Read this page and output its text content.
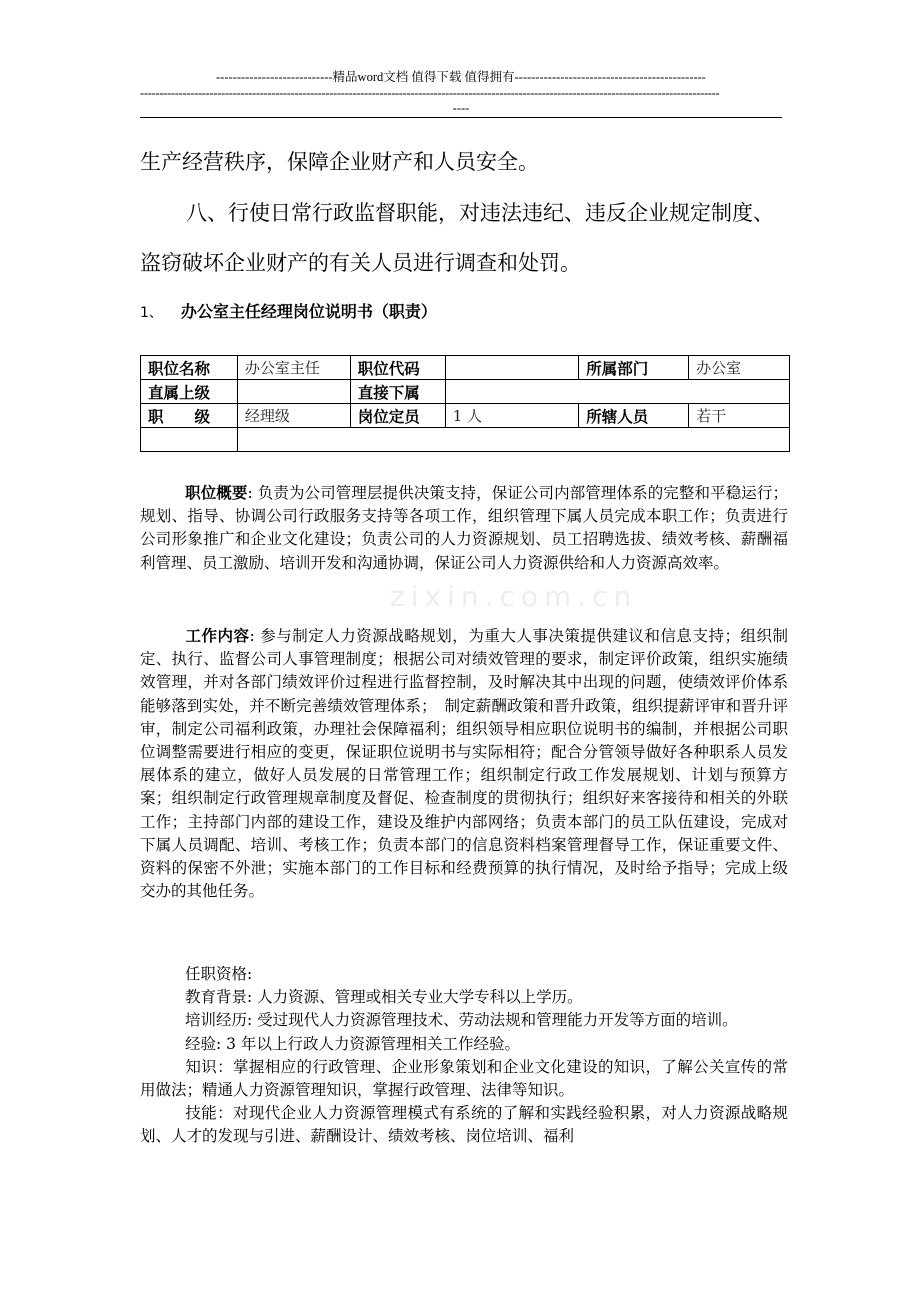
----------------------------精品word文档 值得下载 值得拥有----------------------------------------------
------------------------------------------------------------------------------------------------------------------------------------------------------
----
生产经营秩序，保障企业财产和人员安全。
八、行使日常行政监督职能，对违法违纪、违反企业规定制度、
盗窃破坏企业财产的有关人员进行调查和处罚。
1、 办公室主任经理岗位说明书（职责）
职位名称	办公室主任	职位代码		所属部门	办公室
直属上级		直接下属			
职　　级	经理级	岗位定员	1 人	所辖人员	若干

zixin.com.cn
职位概要: 负责为公司管理层提供决策支持，保证公司内部管理体系的完整和平稳运行；规划、指导、协调公司行政服务支持等各项工作，组织管理下属人员完成本职工作；负责进行公司形象推广和企业文化建设；负责公司的人力资源规划、员工招聘选拔、绩效考核、薪酬福利管理、员工激励、培训开发和沟通协调，保证公司人力资源供给和人力资源高效率。
工作内容: 参与制定人力资源战略规划，为重大人事决策提供建议和信息支持；组织制定、执行、监督公司人事管理制度；根据公司对绩效管理的要求，制定评价政策，组织实施绩效管理，并对各部门绩效评价过程进行监督控制，及时解决其中出现的问题，使绩效评价体系能够落到实处，并不断完善绩效管理体系；　制定薪酬政策和晋升政策，组织提薪评审和晋升评审，制定公司福利政策，办理社会保障福利；组织领导相应职位说明书的编制，并根据公司职位调整需要进行相应的变更，保证职位说明书与实际相符；配合分管领导做好各种职系人员发展体系的建立，做好人员发展的日常管理工作；组织制定行政工作发展规划、计划与预算方案；组织制定行政管理规章制度及督促、检查制度的贯彻执行；组织好来客接待和相关的外联工作；主持部门内部的建设工作，建设及维护内部网络；负责本部门的员工队伍建设，完成对下属人员调配、培训、考核工作；负责本部门的信息资料档案管理督导工作，保证重要文件、资料的保密不外泄；实施本部门的工作目标和经费预算的执行情况，及时给予指导；完成上级交办的其他任务。
任职资格:
教育背景: 人力资源、管理或相关专业大学专科以上学历。
培训经历: 受过现代人力资源管理技术、劳动法规和管理能力开发等方面的培训。
经验: 3 年以上行政人力资源管理相关工作经验。
知识：掌握相应的行政管理、企业形象策划和企业文化建设的知识，了解公关宣传的常用做法；精通人力资源管理知识，掌握行政管理、法律等知识。
技能：对现代企业人力资源管理模式有系统的了解和实践经验积累，对人力资源战略规划、人才的发现与引进、薪酬设计、绩效考核、岗位培训、福利
